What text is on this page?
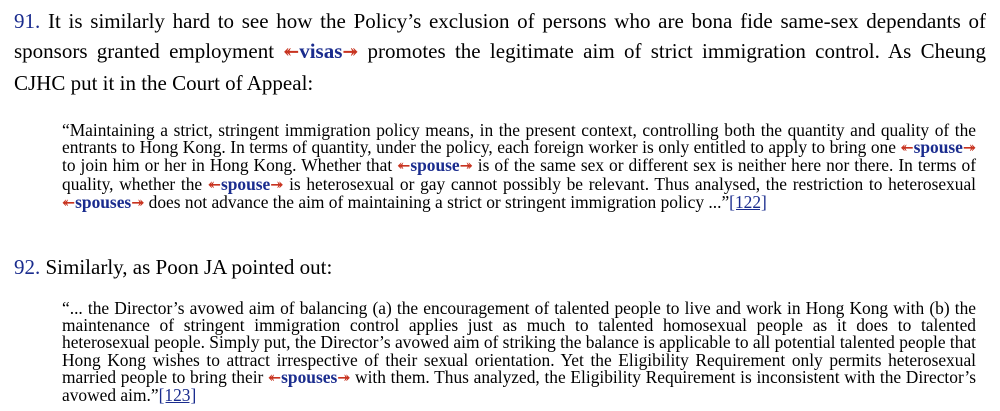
91. It is similarly hard to see how the Policy’s exclusion of persons who are bona fide same-sex dependants of sponsors granted employment ↞visas↠ promotes the legitimate aim of strict immigration control. As Cheung CJHC put it in the Court of Appeal:
“Maintaining a strict, stringent immigration policy means, in the present context, controlling both the quantity and quality of the entrants to Hong Kong. In terms of quantity, under the policy, each foreign worker is only entitled to apply to bring one ↞spouse↠ to join him or her in Hong Kong. Whether that ↞spouse↠ is of the same sex or different sex is neither here nor there. In terms of quality, whether the ↞spouse↠ is heterosexual or gay cannot possibly be relevant. Thus analysed, the restriction to heterosexual ↞spouses↠ does not advance the aim of maintaining a strict or stringent immigration policy ...”[122]
92. Similarly, as Poon JA pointed out:
“... the Director’s avowed aim of balancing (a) the encouragement of talented people to live and work in Hong Kong with (b) the maintenance of stringent immigration control applies just as much to talented homosexual people as it does to talented heterosexual people. Simply put, the Director’s avowed aim of striking the balance is applicable to all potential talented people that Hong Kong wishes to attract irrespective of their sexual orientation. Yet the Eligibility Requirement only permits heterosexual married people to bring their ↞spouses↠ with them. Thus analyzed, the Eligibility Requirement is inconsistent with the Director’s avowed aim.”[123]
